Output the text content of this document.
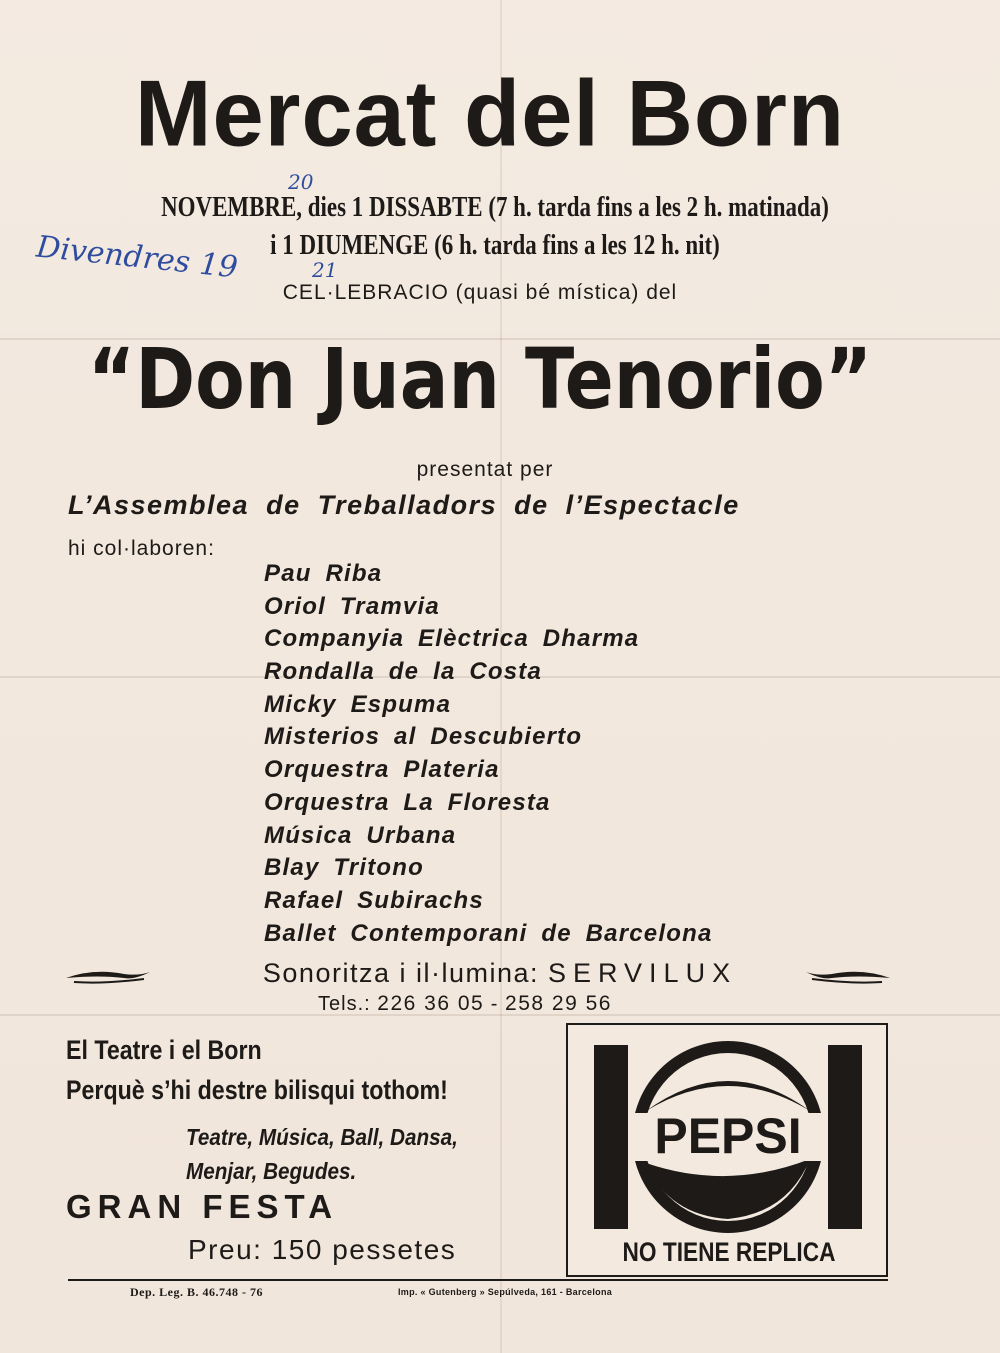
Mercat del Born
NOVEMBRE, dies 1 DISSABTE (7 h. tarda fins a les 2 h. matinada)
i 1 DIUMENGE (6 h. tarda fins a les 12 h. nit)
20
Divendres 19	21
CEL·LEBRACIO (quasi bé mística) del
“Don Juan Tenorio”
presentat per
L’Assemblea de Treballadors de l’Espectacle
hi col·laboren:
Pau Riba
Oriol Tramvia
Companyia Elèctrica Dharma
Rondalla de la Costa
Micky Espuma
Misterios al Descubierto
Orquestra Plateria
Orquestra La Floresta
Música Urbana
Blay Tritono
Rafael Subirachs
Ballet Contemporani de Barcelona
Sonoritza i il·lumina: SERVILUX
Tels.: 226 36 05 - 258 29 56
El Teatre i el Born
Perquè s’hi destre bilisqui tothom!
Teatre, Música, Ball, Dansa,
Menjar, Begudes.
GRAN FESTA
Preu: 150 pessetes
PEPSI
NO TIENE REPLICA
Dep. Leg. B. 46.748 - 76	Imp. « Gutenberg » Sepúlveda, 161 - Barcelona
